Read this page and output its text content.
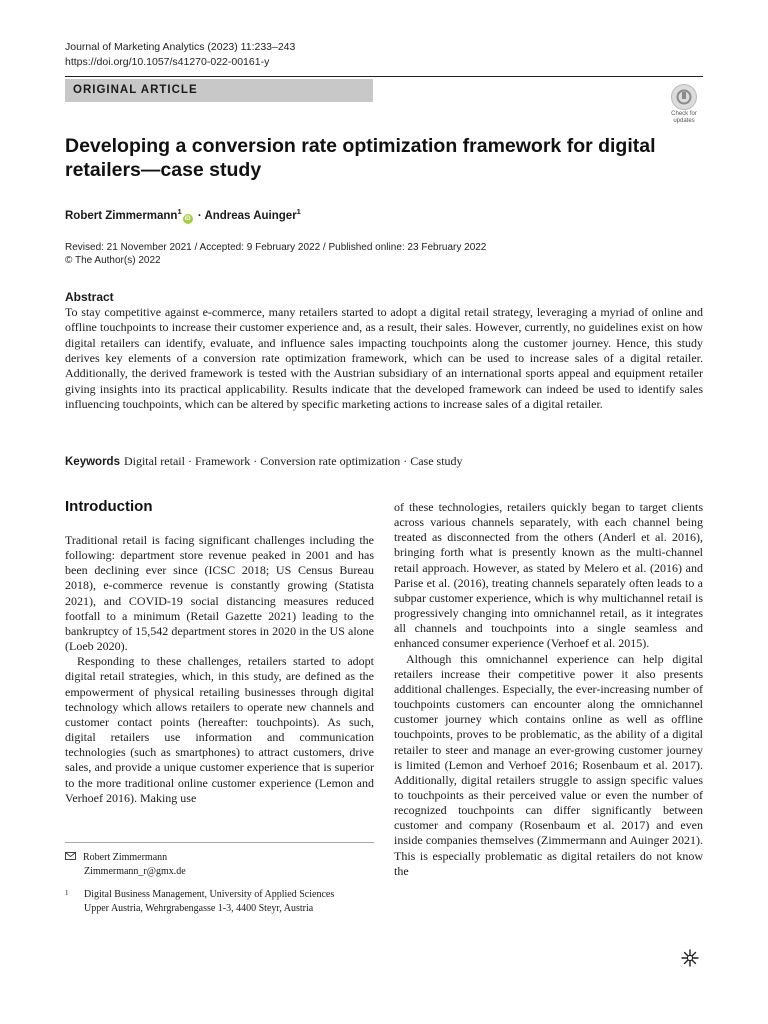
Journal of Marketing Analytics (2023) 11:233–243
https://doi.org/10.1057/s41270-022-00161-y
ORIGINAL ARTICLE
Check for updates
Developing a conversion rate optimization framework for digital retailers—case study
Robert Zimmermann$^1$iD · Andreas Auinger$^1$
Revised: 21 November 2021 / Accepted: 9 February 2022 / Published online: 23 February 2022
© The Author(s) 2022
Abstract
To stay competitive against e-commerce, many retailers started to adopt a digital retail strategy, leveraging a myriad of online and offline touchpoints to increase their customer experience and, as a result, their sales. However, currently, no guidelines exist on how digital retailers can identify, evaluate, and influence sales impacting touchpoints along the customer journey. Hence, this study derives key elements of a conversion rate optimization framework, which can be used to increase sales of a digital retailer. Additionally, the derived framework is tested with the Austrian subsidiary of an international sports appeal and equipment retailer giving insights into its practical applicability. Results indicate that the developed framework can indeed be used to identify sales influencing touchpoints, which can be altered by specific marketing actions to increase sales of a digital retailer.
Keywords Digital retail · Framework · Conversion rate optimization · Case study
Introduction

Traditional retail is facing significant challenges including the following: department store revenue peaked in 2001 and has been declining ever since (ICSC 2018; US Census Bureau 2018), e-commerce revenue is constantly growing (Statista 2021), and COVID-19 social distancing measures reduced footfall to a minimum (Retail Gazette 2021) leading to the bankruptcy of 15,542 department stores in 2020 in the US alone (Loeb 2020).

Responding to these challenges, retailers started to adopt digital retail strategies, which, in this study, are defined as the empowerment of physical retailing businesses through digital technology which allows retailers to operate new channels and customer contact points (hereafter: touchpoints). As such, digital retailers use information and communication technologies (such as smartphones) to attract customers, drive sales, and provide a unique customer experience that is superior to the more traditional online customer experience (Lemon and Verhoef 2016). Making use

of these technologies, retailers quickly began to target clients across various channels separately, with each channel being treated as disconnected from the others (Anderl et al. 2016), bringing forth what is presently known as the multi-channel retail approach. However, as stated by Melero et al. (2016) and Parise et al. (2016), treating channels separately often leads to a subpar customer experience, which is why multichannel retail is progressively changing into omnichannel retail, as it integrates all channels and touchpoints into a single seamless and enhanced consumer experience (Verhoef et al. 2015).

Although this omnichannel experience can help digital retailers increase their competitive power it also presents additional challenges. Especially, the ever-increasing number of touchpoints customers can encounter along the omnichannel customer journey which contains online as well as offline touchpoints, proves to be problematic, as the ability of a digital retailer to steer and manage an ever-growing customer journey is limited (Lemon and Verhoef 2016; Rosenbaum et al. 2017). Additionally, digital retailers struggle to assign specific values to touchpoints as their perceived value or even the number of recognized touchpoints can differ significantly between customer and company (Rosenbaum et al. 2017) and even inside companies themselves (Zimmermann and Auinger 2021). This is especially problematic as digital retailers do not know the

Robert Zimmermann
Zimmermann_r@gmx.de
1 Digital Business Management, University of Applied Sciences Upper Austria, Wehrgrabengasse 1-3, 4400 Steyr, Austria
